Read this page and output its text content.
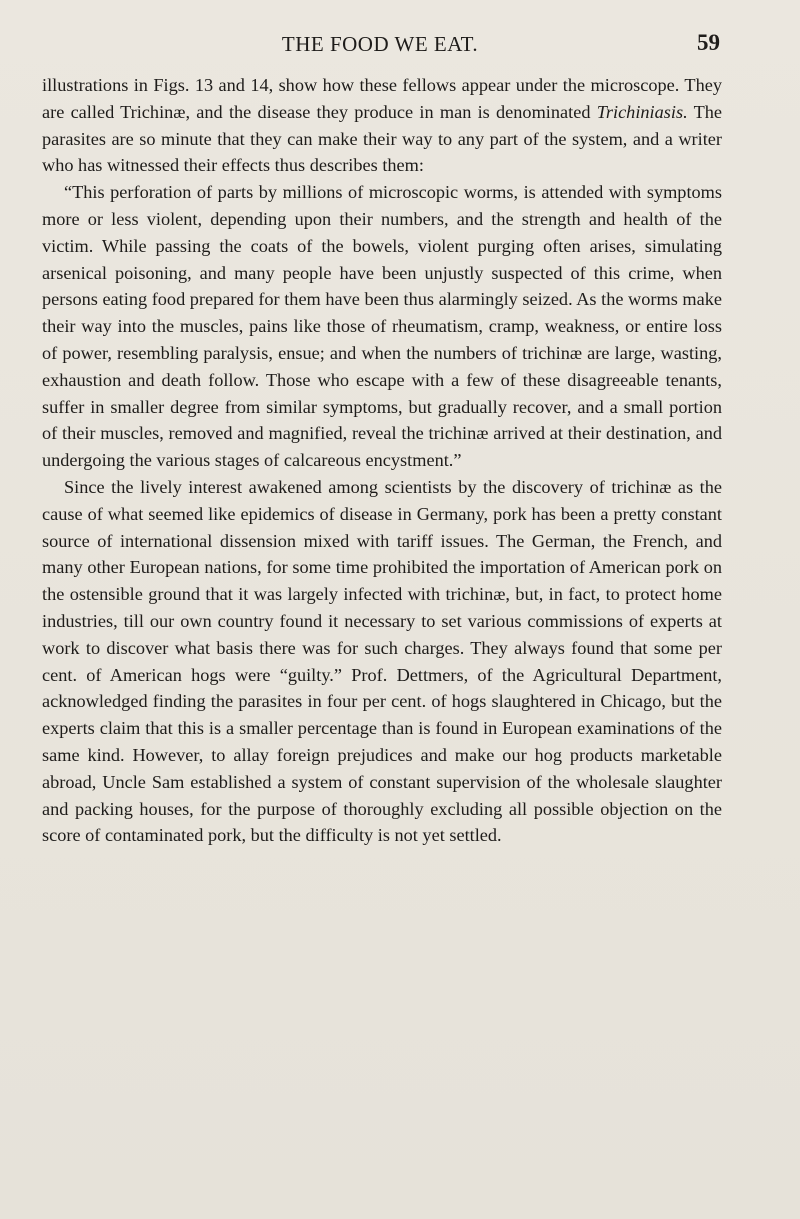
THE FOOD WE EAT.	59

illustrations in Figs. 13 and 14, show how these fellows appear under the microscope. They are called Trichinæ, and the disease they produce in man is denominated Trichiniasis. The parasites are so minute that they can make their way to any part of the system, and a writer who has witnessed their effects thus describes them:

“This perforation of parts by millions of microscopic worms, is attended with symptoms more or less violent, depending upon their numbers, and the strength and health of the victim. While passing the coats of the bowels, violent purging often arises, simulating arsenical poisoning, and many people have been unjustly suspected of this crime, when persons eating food prepared for them have been thus alarmingly seized. As the worms make their way into the muscles, pains like those of rheumatism, cramp, weakness, or entire loss of power, resembling paralysis, ensue; and when the numbers of trichinæ are large, wasting, exhaustion and death follow. Those who escape with a few of these disagreeable tenants, suffer in smaller degree from similar symptoms, but gradually recover, and a small portion of their muscles, removed and magnified, reveal the trichinæ arrived at their destination, and undergoing the various stages of calcareous encystment.”

Since the lively interest awakened among scientists by the discovery of trichinæ as the cause of what seemed like epidemics of disease in Germany, pork has been a pretty constant source of international dissension mixed with tariff issues. The German, the French, and many other European nations, for some time prohibited the importation of American pork on the ostensible ground that it was largely infected with trichinæ, but, in fact, to protect home industries, till our own country found it necessary to set various commissions of experts at work to discover what basis there was for such charges. They always found that some per cent. of American hogs were “guilty.” Prof. Dettmers, of the Agricultural Department, acknowledged finding the parasites in four per cent. of hogs slaughtered in Chicago, but the experts claim that this is a smaller percentage than is found in European examinations of the same kind. However, to allay foreign prejudices and make our hog products marketable abroad, Uncle Sam established a system of constant supervision of the wholesale slaughter and packing houses, for the purpose of thoroughly excluding all possible objection on the score of contaminated pork, but the difficulty is not yet settled.
